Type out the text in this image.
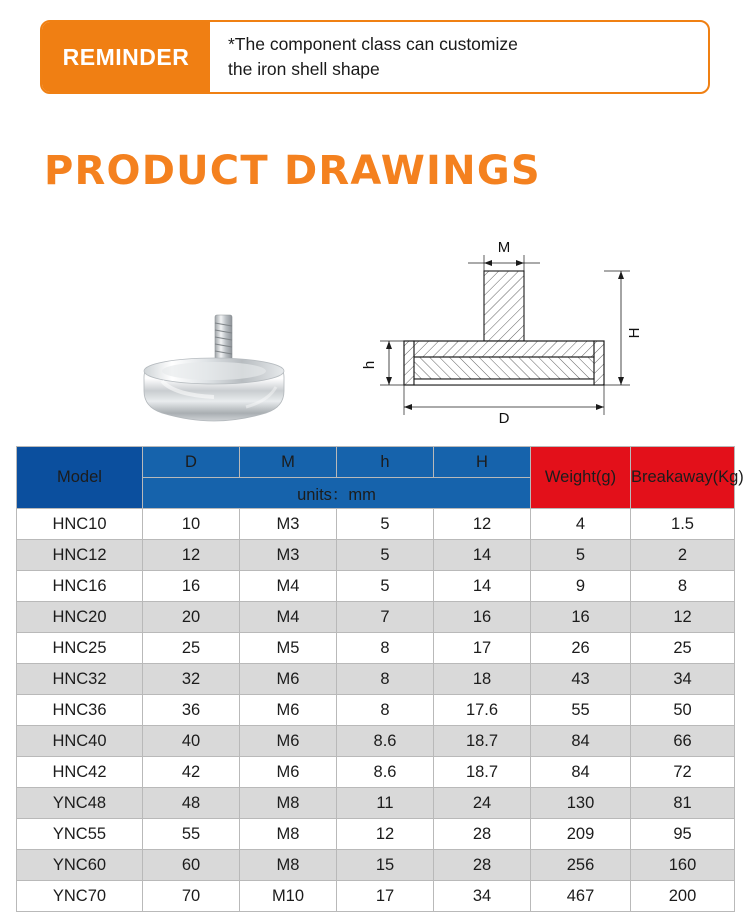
REMINDER	*The component class can customize
the iron shell shape
PRODUCT DRAWINGS
M
H
h
D
Model	D	M	h	H	Weight(g)	Breakaway(Kg)
	units：mm					
HNC10	10	M3	5	12	4	1.5
HNC12	12	M3	5	14	5	2
HNC16	16	M4	5	14	9	8
HNC20	20	M4	7	16	16	12
HNC25	25	M5	8	17	26	25
HNC32	32	M6	8	18	43	34
HNC36	36	M6	8	17.6	55	50
HNC40	40	M6	8.6	18.7	84	66
HNC42	42	M6	8.6	18.7	84	72
YNC48	48	M8	11	24	130	81
YNC55	55	M8	12	28	209	95
YNC60	60	M8	15	28	256	160
YNC70	70	M10	17	34	467	200
